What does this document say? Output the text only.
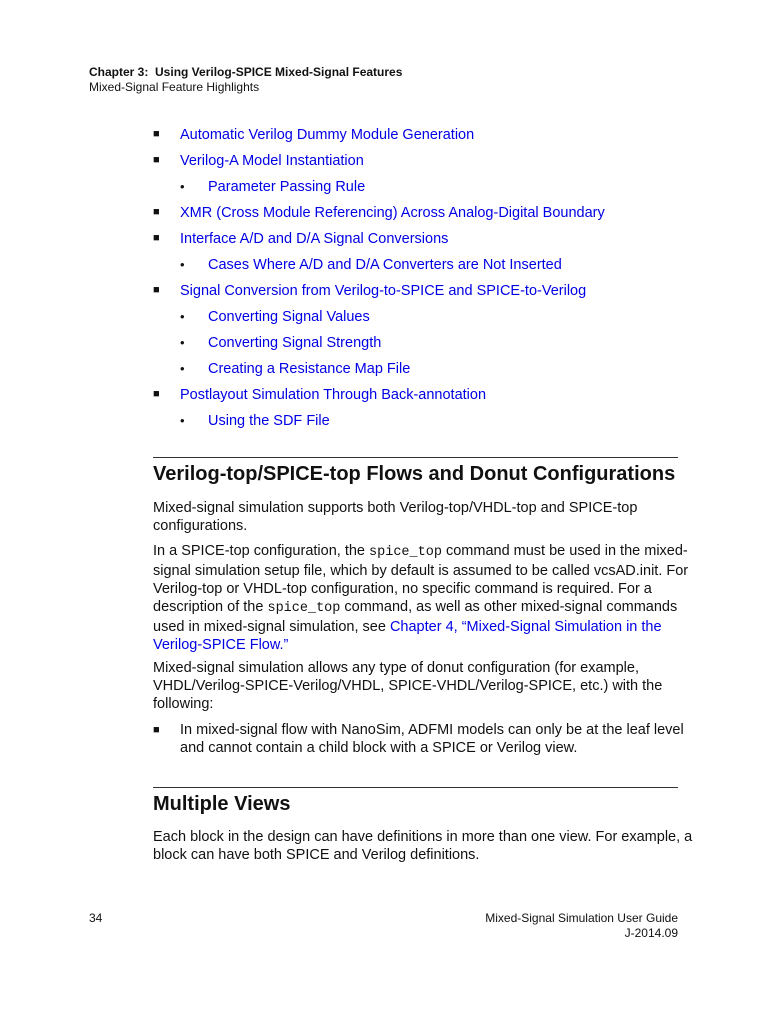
Chapter 3: Using Verilog-SPICE Mixed-Signal Features
Mixed-Signal Feature Highlights
■ Automatic Verilog Dummy Module Generation
■ Verilog-A Model Instantiation
• Parameter Passing Rule
■ XMR (Cross Module Referencing) Across Analog-Digital Boundary
■ Interface A/D and D/A Signal Conversions
• Cases Where A/D and D/A Converters are Not Inserted
■ Signal Conversion from Verilog-to-SPICE and SPICE-to-Verilog
• Converting Signal Values
• Converting Signal Strength
• Creating a Resistance Map File
■ Postlayout Simulation Through Back-annotation
• Using the SDF File
Verilog-top/SPICE-top Flows and Donut Configurations
Mixed-signal simulation supports both Verilog-top/VHDL-top and SPICE-top configurations.
In a SPICE-top configuration, the spice_top command must be used in the mixed-signal simulation setup file, which by default is assumed to be called vcsAD.init. For Verilog-top or VHDL-top configuration, no specific command is required. For a description of the spice_top command, as well as other mixed-signal commands used in mixed-signal simulation, see Chapter 4, “Mixed-Signal Simulation in the Verilog-SPICE Flow.”
Mixed-signal simulation allows any type of donut configuration (for example, VHDL/Verilog-SPICE-Verilog/VHDL, SPICE-VHDL/Verilog-SPICE, etc.) with the following:
■	In mixed-signal flow with NanoSim, ADFMI models can only be at the leaf level and cannot contain a child block with a SPICE or Verilog view.
Multiple Views
Each block in the design can have definitions in more than one view. For example, a block can have both SPICE and Verilog definitions.
34	Mixed-Signal Simulation User Guide
J-2014.09
